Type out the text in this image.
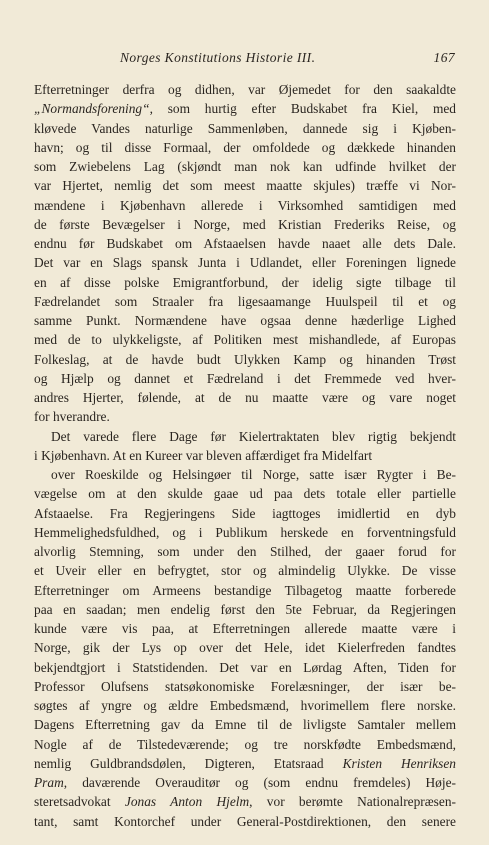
Norges Konstitutions Historie III.	167
Efterretninger derfra og didhen, var Øjemedet for den saakaldte
„Normandsforening“, som hurtig efter Budskabet fra Kiel, med
kløvede Vandes naturlige Sammenløben, dannede sig i Kjøben-
havn; og til disse Formaal, der omfoldede og dækkede hinanden
som Zwiebelens Lag (skjøndt man nok kan udfinde hvilket der
var Hjertet, nemlig det som meest maatte skjules) træffe vi Nor-
mændene i Kjøbenhavn allerede i Virksomhed samtidigen med
de første Bevægelser i Norge, med Kristian Frederiks Reise, og
endnu før Budskabet om Afstaaelsen havde naaet alle dets Dale.
Det var en Slags spansk Junta i Udlandet, eller Foreningen lignede
en af disse polske Emigrantforbund, der idelig sigte tilbage til
Fædrelandet som Straaler fra ligesaamange Huulspeil til et og
samme Punkt. Normændene have ogsaa denne hæderlige Lighed
med de to ulykkeligste, af Politiken mest mishandlede, af Europas
Folkeslag, at de havde budt Ulykken Kamp og hinanden Trøst
og Hjælp og dannet et Fædreland i det Fremmede ved hver-
andres Hjerter, følende, at de nu maatte være og vare noget
for hverandre.
Det varede flere Dage før Kielertraktaten blev rigtig bekjendt
i Kjøbenhavn. At en Kureer var bleven affærdiget fra Midelfart
over Roeskilde og Helsingøer til Norge, satte især Rygter i Be-
vægelse om at den skulde gaae ud paa dets totale eller partielle
Afstaaelse. Fra Regjeringens Side iagttoges imidlertid en dyb
Hemmelighedsfuldhed, og i Publikum herskede en forventningsfuld
alvorlig Stemning, som under den Stilhed, der gaaer forud for
et Uveir eller en befrygtet, stor og almindelig Ulykke. De visse
Efterretninger om Armeens bestandige Tilbagetog maatte forberede
paa en saadan; men endelig først den 5te Februar, da Regjeringen
kunde være vis paa, at Efterretningen allerede maatte være i
Norge, gik der Lys op over det Hele, idet Kielerfreden fandtes
bekjendtgjort i Statstidenden. Det var en Lørdag Aften, Tiden for
Professor Olufsens statsøkonomiske Forelæsninger, der især be-
søgtes af yngre og ældre Embedsmænd, hvorimellem flere norske.
Dagens Efterretning gav da Emne til de livligste Samtaler mellem
Nogle af de Tilstedeværende; og tre norskfødte Embedsmænd,
nemlig Guldbrandsdølen, Digteren, Etatsraad Kristen Henriksen
Pram, daværende Overauditør og (som endnu fremdeles) Høje-
steretsadvokat Jonas Anton Hjelm, vor berømte Nationalrepræsen-
tant, samt Kontorchef under General-Postdirektionen, den senere
